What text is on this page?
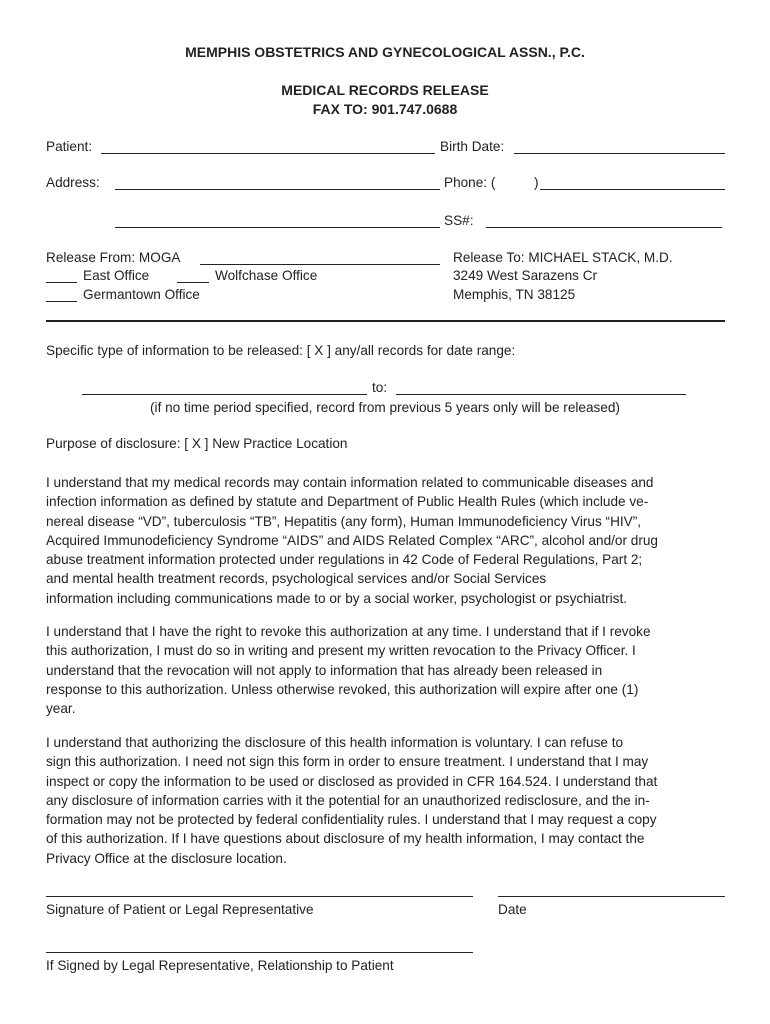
MEMPHIS OBSTETRICS AND GYNECOLOGICAL ASSN., P.C.
MEDICAL RECORDS RELEASE
FAX TO: 901.747.0688
Patient:	Birth Date:
Address:	Phone: (	)
SS#:
Release From: MOGA
East Office	Wolfchase Office
Germantown Office
Release To: MICHAEL STACK, M.D.
3249 West Sarazens Cr
Memphis, TN 38125
Specific type of information to be released: [ X ] any/all records for date range:
to:
(if no time period specified, record from previous 5 years only will be released)
Purpose of disclosure: [ X ] New Practice Location
I understand that my medical records may contain information related to communicable diseases and
infection information as defined by statute and Department of Public Health Rules (which include ve-
nereal disease “VD”, tuberculosis “TB”, Hepatitis (any form), Human Immunodeficiency Virus “HIV”,
Acquired Immunodeficiency Syndrome “AIDS” and AIDS Related Complex “ARC”, alcohol and/or drug
abuse treatment information protected under regulations in 42 Code of Federal Regulations, Part 2;
and mental health treatment records, psychological services and/or Social Services
information including communications made to or by a social worker, psychologist or psychiatrist.
I understand that I have the right to revoke this authorization at any time. I understand that if I revoke
this authorization, I must do so in writing and present my written revocation to the Privacy Officer. I
understand that the revocation will not apply to information that has already been released in
response to this authorization. Unless otherwise revoked, this authorization will expire after one (1)
year.
I understand that authorizing the disclosure of this health information is voluntary. I can refuse to
sign this authorization. I need not sign this form in order to ensure treatment. I understand that I may
inspect or copy the information to be used or disclosed as provided in CFR 164.524. I understand that
any disclosure of information carries with it the potential for an unauthorized redisclosure, and the in-
formation may not be protected by federal confidentiality rules. I understand that I may request a copy
of this authorization. If I have questions about disclosure of my health information, I may contact the
Privacy Office at the disclosure location.
Signature of Patient or Legal Representative	Date
If Signed by Legal Representative, Relationship to Patient
